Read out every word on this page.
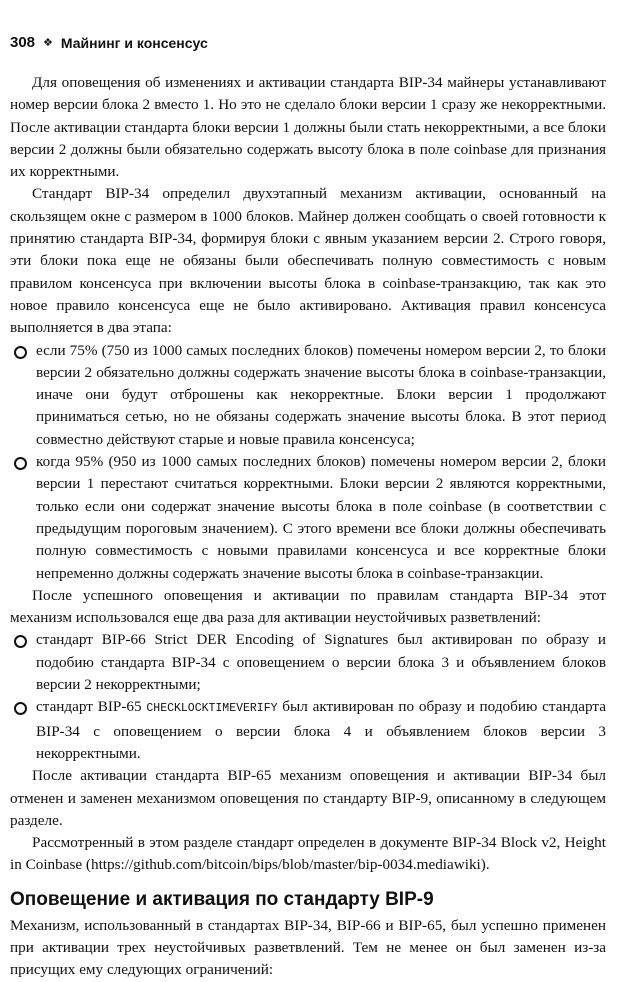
308 ❖ Майнинг и консенсус

Для оповещения об изменениях и активации стандарта BIP-34 майнеры устанавливают номер версии блока 2 вместо 1. Но это не сделало блоки версии 1 сразу же некорректными. После активации стандарта блоки версии 1 должны были стать некорректными, а все блоки версии 2 должны были обязательно содержать высоту блока в поле coinbase для признания их корректными.

Стандарт BIP-34 определил двухэтапный механизм активации, основанный на скользящем окне с размером в 1000 блоков. Майнер должен сообщать о своей готовности к принятию стандарта BIP-34, формируя блоки с явным указанием версии 2. Строго говоря, эти блоки пока еще не обязаны были обеспечивать полную совместимость с новым правилом консенсуса при включении высоты блока в coinbase-транзакцию, так как это новое правило консенсуса еще не было активировано. Активация правил консенсуса выполняется в два этапа:

если 75% (750 из 1000 самых последних блоков) помечены номером версии 2, то блоки версии 2 обязательно должны содержать значение высоты блока в coinbase-транзакции, иначе они будут отброшены как некорректные. Блоки версии 1 продолжают приниматься сетью, но не обязаны содержать значение высоты блока. В этот период совместно действуют старые и новые правила консенсуса;
когда 95% (950 из 1000 самых последних блоков) помечены номером версии 2, блоки версии 1 перестают считаться корректными. Блоки версии 2 являются корректными, только если они содержат значение высоты блока в поле coinbase (в соответствии с предыдущим пороговым значением). С этого времени все блоки должны обеспечивать полную совместимость с новыми правилами консенсуса и все корректные блоки непременно должны содержать значение высоты блока в coinbase-транзакции.

После успешного оповещения и активации по правилам стандарта BIP-34 этот механизм использовался еще два раза для активации неустойчивых разветвлений:

стандарт BIP-66 Strict DER Encoding of Signatures был активирован по образу и подобию стандарта BIP-34 с оповещением о версии блока 3 и объявлением блоков версии 2 некорректными;
стандарт BIP-65 CHECKLOCKTIMEVERIFY был активирован по образу и подобию стандарта BIP-34 с оповещением о версии блока 4 и объявлением блоков версии 3 некорректными.

После активации стандарта BIP-65 механизм оповещения и активации BIP-34 был отменен и заменен механизмом оповещения по стандарту BIP-9, описанному в следующем разделе.

Рассмотренный в этом разделе стандарт определен в документе BIP-34 Block v2, Height in Coinbase (https://github.com/bitcoin/bips/blob/master/bip-0034.mediawiki).

Оповещение и активация по стандарту BIP-9

Механизм, использованный в стандартах BIP-34, BIP-66 и BIP-65, был успешно применен при активации трех неустойчивых разветвлений. Тем не менее он был заменен из-за присущих ему следующих ограничений:
